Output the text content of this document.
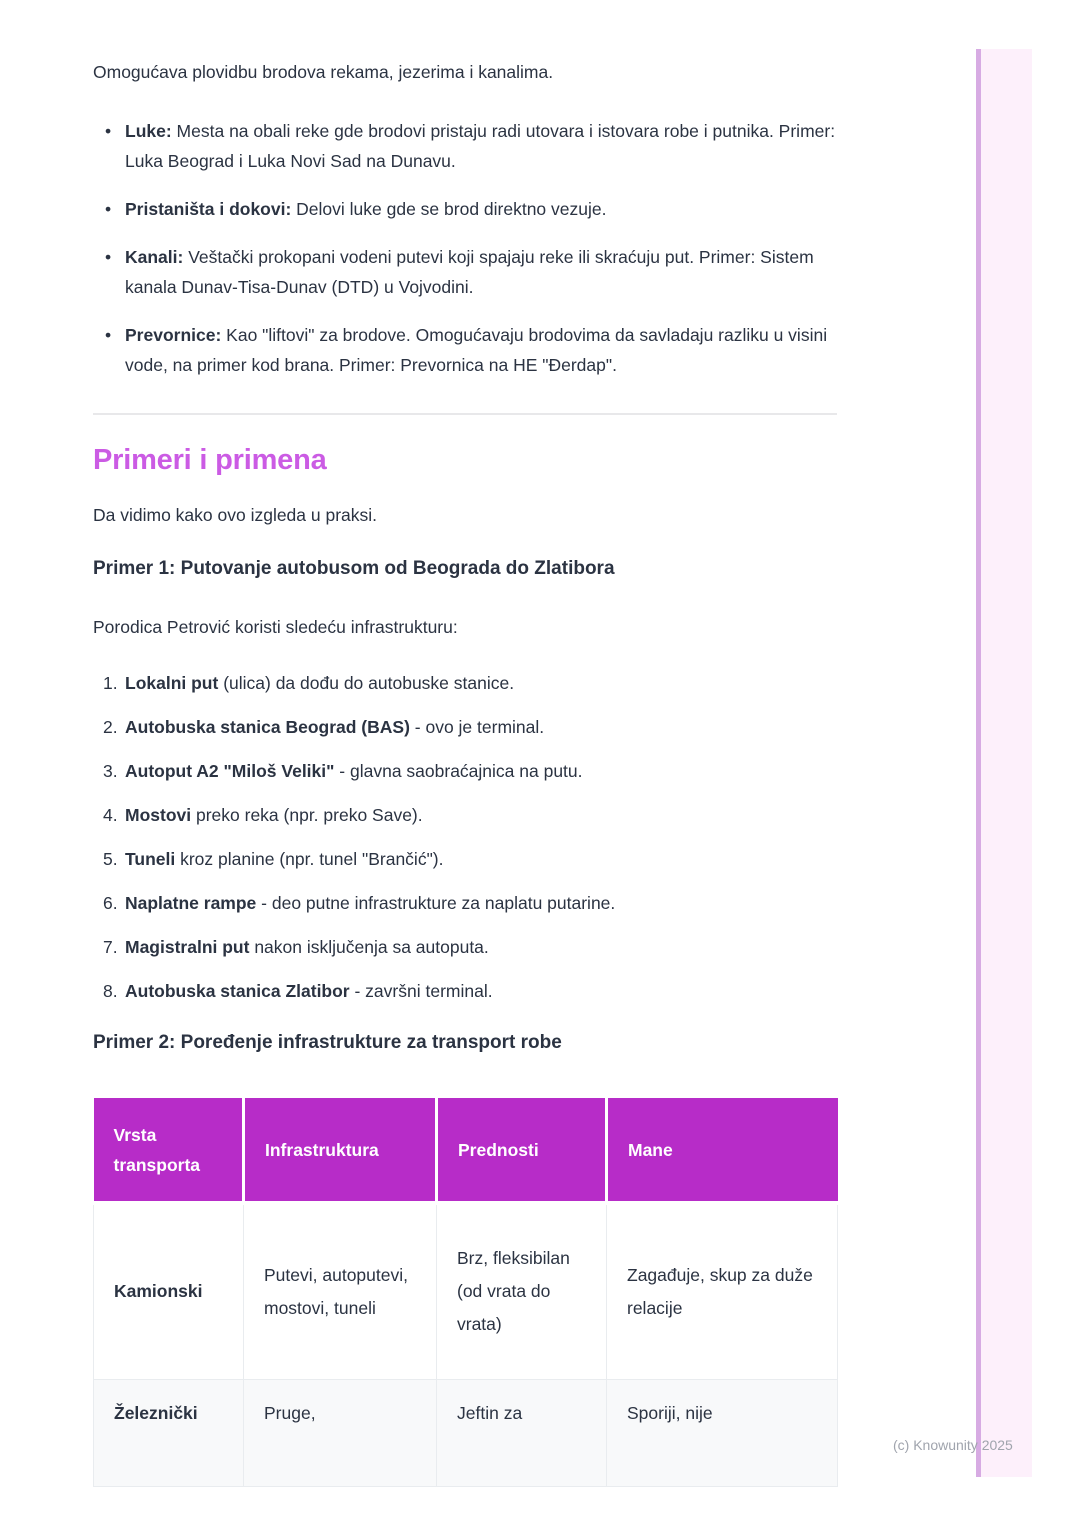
Omogućava plovidbu brodova rekama, jezerima i kanalima.

• Luke: Mesta na obali reke gde brodovi pristaju radi utovara i istovara robe i putnika. Primer: Luka Beograd i Luka Novi Sad na Dunavu.
• Pristaništa i dokovi: Delovi luke gde se brod direktno vezuje.
• Kanali: Veštački prokopani vodeni putevi koji spajaju reke ili skraćuju put. Primer: Sistem kanala Dunav-Tisa-Dunav (DTD) u Vojvodini.
• Prevornice: Kao "liftovi" za brodove. Omogućavaju brodovima da savladaju razliku u visini vode, na primer kod brana. Primer: Prevornica na HE "Đerdap".
Primeri i primena

Da vidimo kako ovo izgleda u praksi.

Primer 1: Putovanje autobusom od Beograda do Zlatibora

Porodica Petrović koristi sledeću infrastrukturu:

1. Lokalni put (ulica) da dođu do autobuske stanice.
2. Autobuska stanica Beograd (BAS) - ovo je terminal.
3. Autoput A2 "Miloš Veliki" - glavna saobraćajnica na putu.
4. Mostovi preko reka (npr. preko Save).
5. Tuneli kroz planine (npr. tunel "Brančić").
6. Naplatne rampe - deo putne infrastrukture za naplatu putarine.
7. Magistralni put nakon isključenja sa autoputa.
8. Autobuska stanica Zlatibor - završni terminal.
Primer 2: Poređenje infrastrukture za transport robe
Vrsta transporta	Infrastruktura	Prednosti	Mane
Kamionski	Putevi, autoputevi, mostovi, tuneli	Brz, fleksibilan (od vrata do vrata)	Zagađuje, skup za duže relacije
Železnički	Pruge,	Jeftin za	Sporiji, nije
(c) Knowunity 2025
